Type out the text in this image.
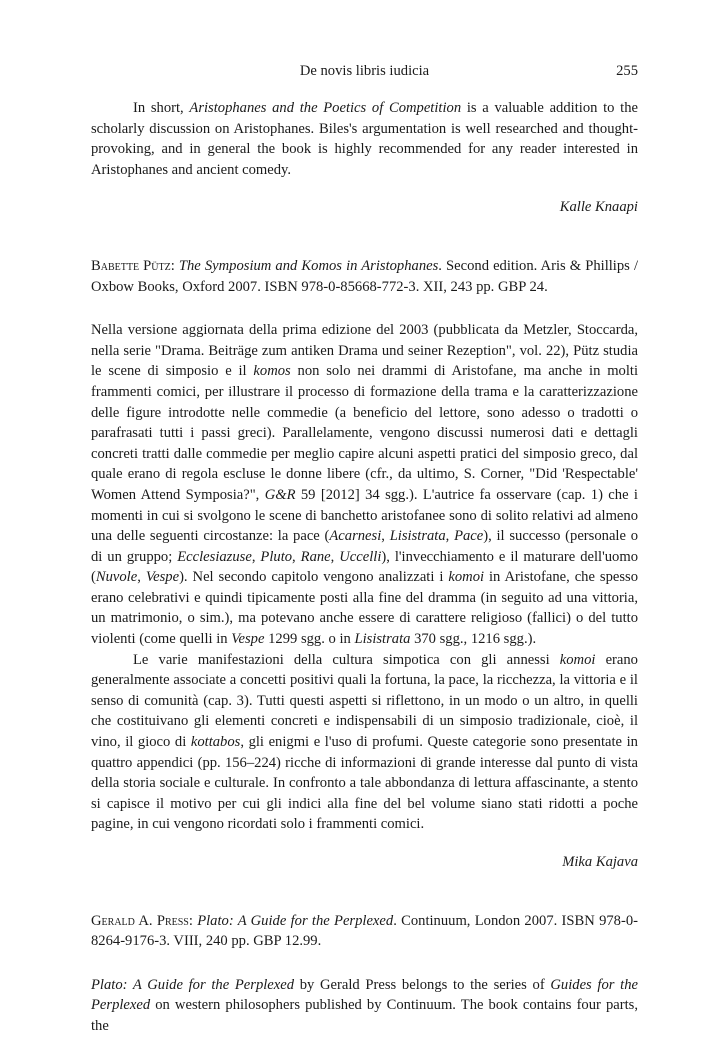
De novis libris iudicia	255

In short, Aristophanes and the Poetics of Competition is a valuable addition to the scholarly discussion on Aristophanes. Biles's argumentation is well researched and thought-provoking, and in general the book is highly recommended for any reader interested in Aristophanes and ancient comedy.

Kalle Knaapi

Babette Pütz: The Symposium and Komos in Aristophanes. Second edition. Aris & Phillips / Oxbow Books, Oxford 2007. ISBN 978-0-85668-772-3. XII, 243 pp. GBP 24.

Nella versione aggiornata della prima edizione del 2003 (pubblicata da Metzler, Stoccarda, nella serie "Drama. Beiträge zum antiken Drama und seiner Rezeption", vol. 22), Pütz studia le scene di simposio e il komos non solo nei drammi di Aristofane, ma anche in molti frammenti comici, per illustrare il processo di formazione della trama e la caratterizzazione delle figure introdotte nelle commedie (a beneficio del lettore, sono adesso o tradotti o parafrasati tutti i passi greci). Parallelamente, vengono discussi numerosi dati e dettagli concreti tratti dalle commedie per meglio capire alcuni aspetti pratici del simposio greco, dal quale erano di regola escluse le donne libere (cfr., da ultimo, S. Corner, "Did 'Respectable' Women Attend Symposia?", G&R 59 [2012] 34 sgg.). L'autrice fa osservare (cap. 1) che i momenti in cui si svolgono le scene di banchetto aristofanee sono di solito relativi ad almeno una delle seguenti circostanze: la pace (Acarnesi, Lisistrata, Pace), il successo (personale o di un gruppo; Ecclesiazuse, Pluto, Rane, Uccelli), l'invecchiamento e il maturare dell'uomo (Nuvole, Vespe). Nel secondo capitolo vengono analizzati i komoi in Aristofane, che spesso erano celebrativi e quindi tipicamente posti alla fine del dramma (in seguito ad una vittoria, un matrimonio, o sim.), ma potevano anche essere di carattere religioso (fallici) o del tutto violenti (come quelli in Vespe 1299 sgg. o in Lisistrata 370 sgg., 1216 sgg.).

Le varie manifestazioni della cultura simpotica con gli annessi komoi erano generalmente associate a concetti positivi quali la fortuna, la pace, la ricchezza, la vittoria e il senso di comunità (cap. 3). Tutti questi aspetti si riflettono, in un modo o un altro, in quelli che costituivano gli elementi concreti e indispensabili di un simposio tradizionale, cioè, il vino, il gioco di kottabos, gli enigmi e l'uso di profumi. Queste categorie sono presentate in quattro appendici (pp. 156–224) ricche di informazioni di grande interesse dal punto di vista della storia sociale e culturale. In confronto a tale abbondanza di lettura affascinante, a stento si capisce il motivo per cui gli indici alla fine del bel volume siano stati ridotti a poche pagine, in cui vengono ricordati solo i frammenti comici.

Mika Kajava

Gerald A. Press: Plato: A Guide for the Perplexed. Continuum, London 2007. ISBN 978-0-8264-9176-3. VIII, 240 pp. GBP 12.99.

Plato: A Guide for the Perplexed by Gerald Press belongs to the series of Guides for the Perplexed on western philosophers published by Continuum. The book contains four parts, the
